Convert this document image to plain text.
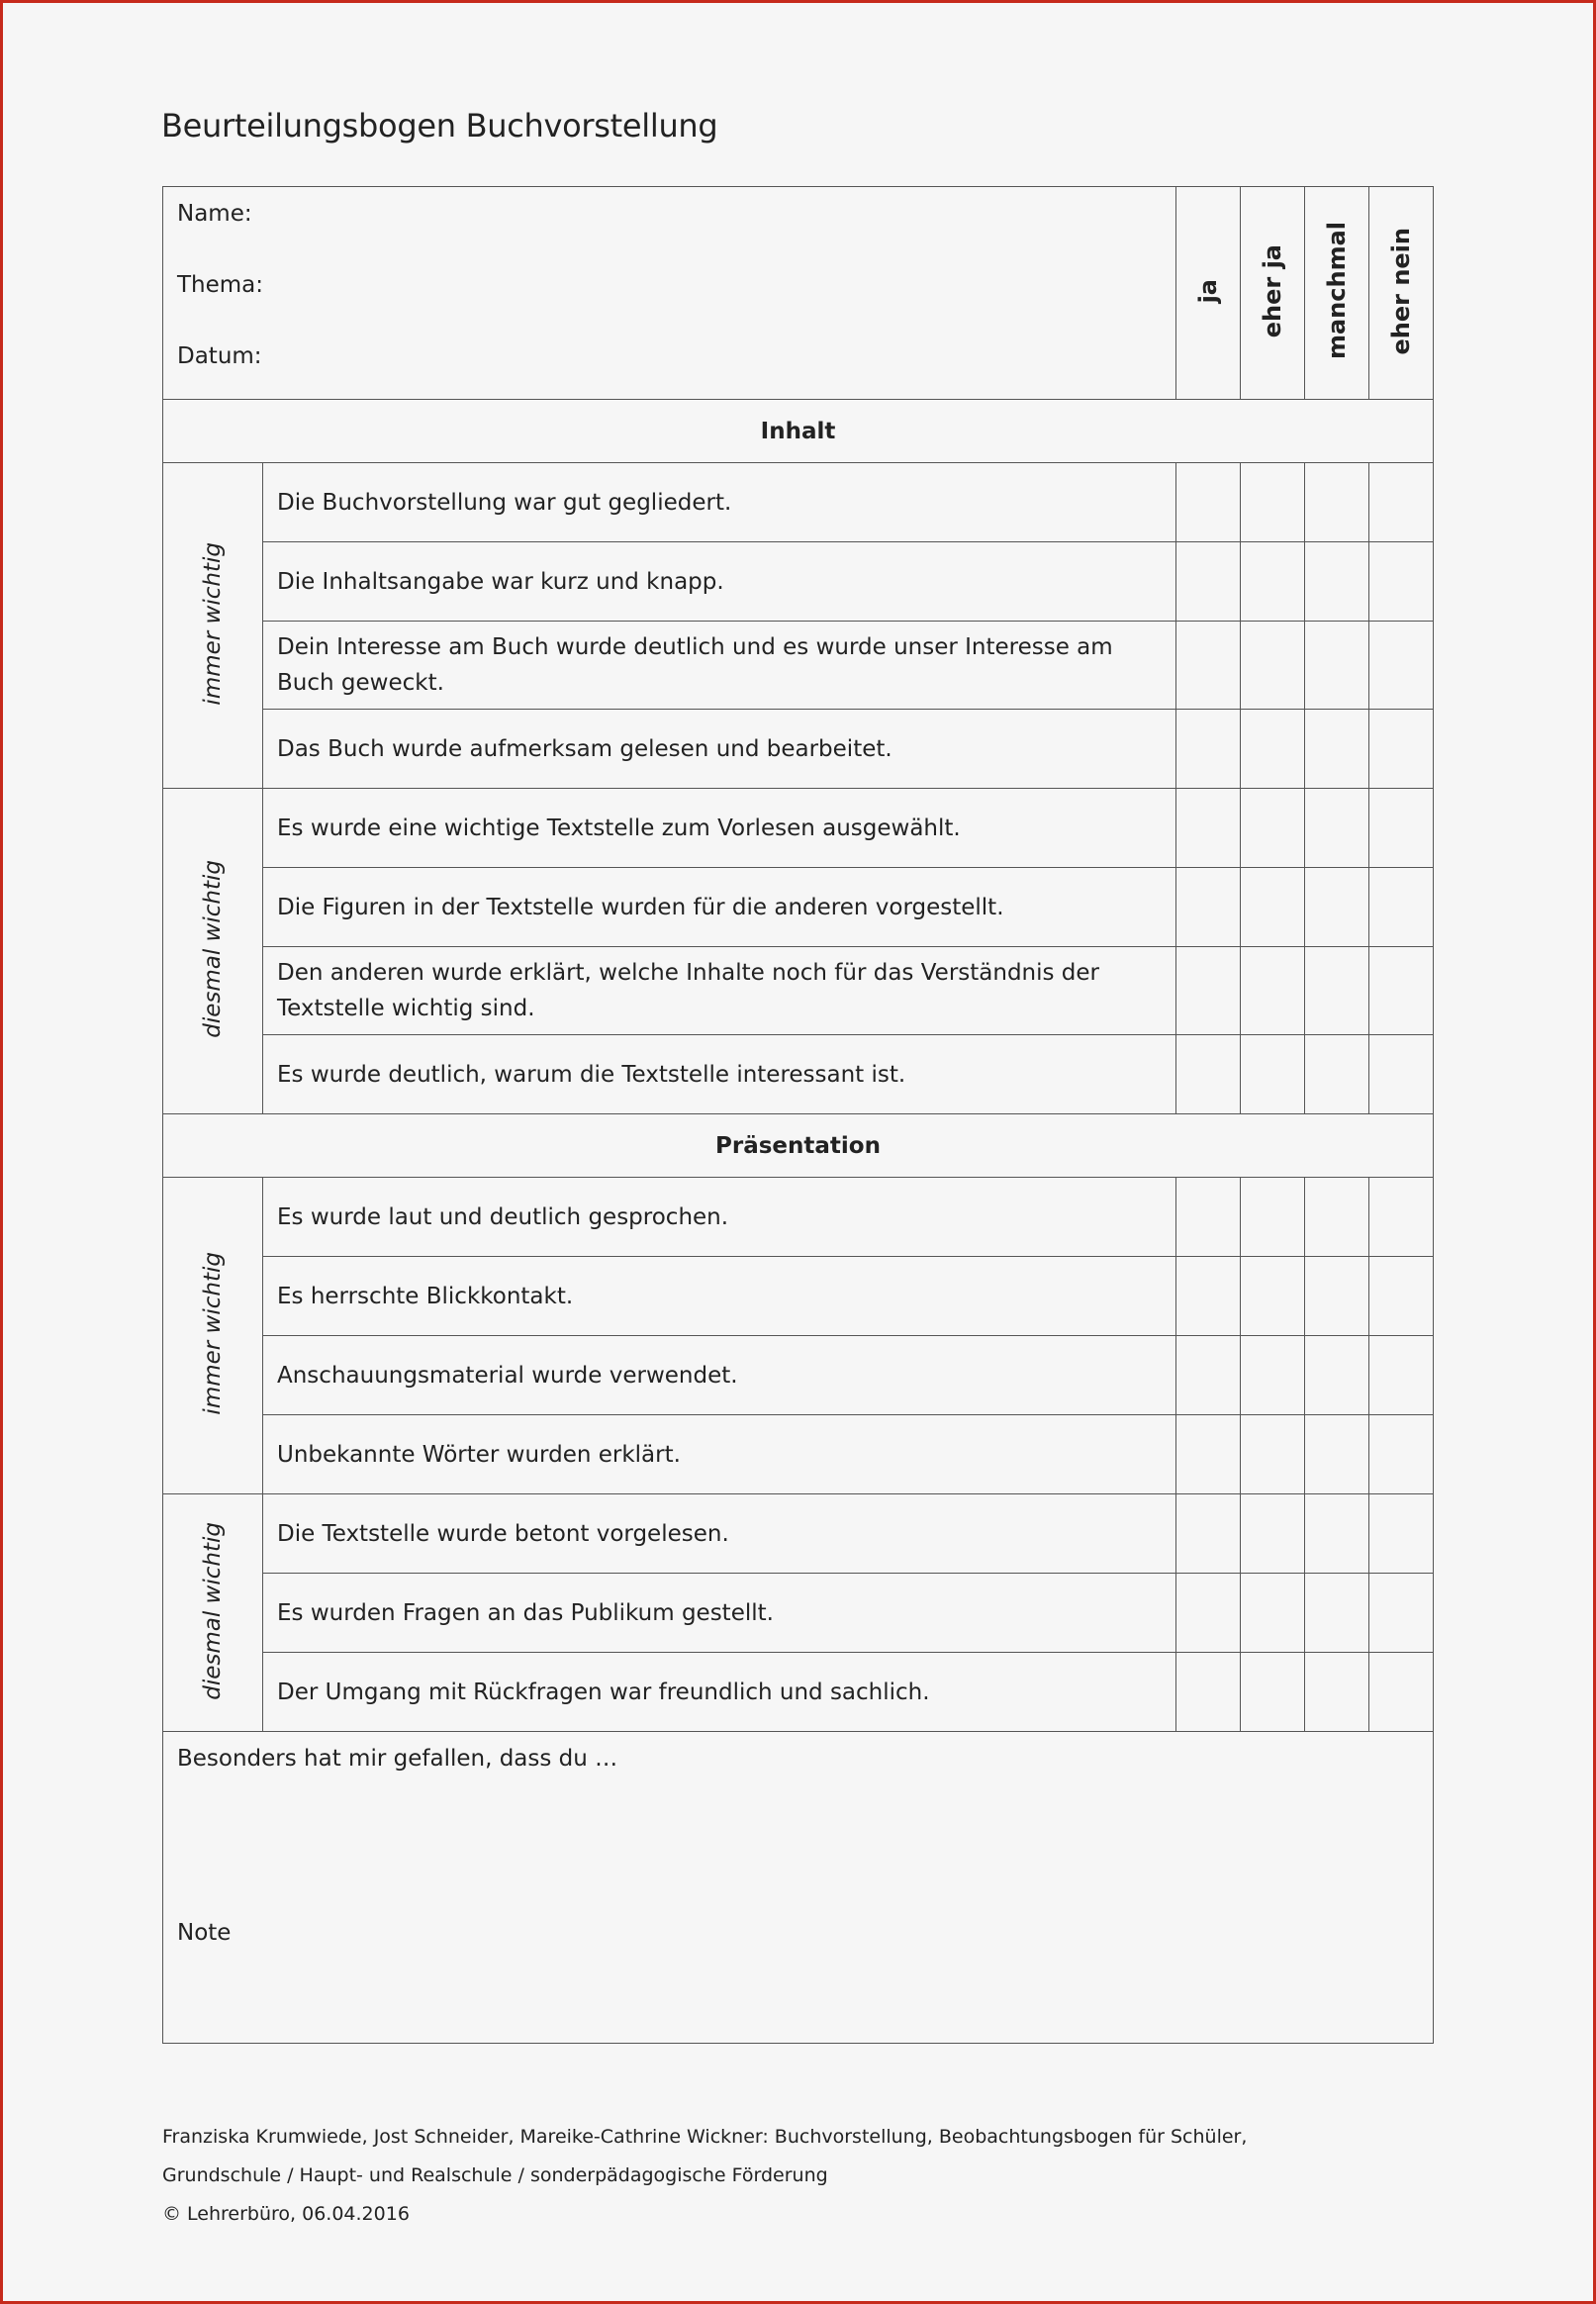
Beurteilungsbogen Buchvorstellung
Name:
Thema:
Datum:		ja	eher ja	manchmal	eher nein
Inhalt					
immer wichtig	Die Buchvorstellung war gut gegliedert.				
	Die Inhaltsangabe war kurz und knapp.				
	Dein Interesse am Buch wurde deutlich und es wurde unser Interesse am Buch geweckt.				
	Das Buch wurde aufmerksam gelesen und bearbeitet.				
diesmal wichtig	Es wurde eine wichtige Textstelle zum Vorlesen ausgewählt.				
	Die Figuren in der Textstelle wurden für die anderen vorgestellt.				
	Den anderen wurde erklärt, welche Inhalte noch für das Verständnis der Textstelle wichtig sind.				
	Es wurde deutlich, warum die Textstelle interessant ist.				
Präsentation					
immer wichtig	Es wurde laut und deutlich gesprochen.				
	Es herrschte Blickkontakt.				
	Anschauungsmaterial wurde verwendet.				
	Unbekannte Wörter wurden erklärt.				
diesmal wichtig	Die Textstelle wurde betont vorgelesen.				
	Es wurden Fragen an das Publikum gestellt.				
	Der Umgang mit Rückfragen war freundlich und sachlich.				

Besonders hat mir gefallen, dass du …
Note					
Franziska Krumwiede, Jost Schneider, Mareike-Cathrine Wickner: Buchvorstellung, Beobachtungsbogen für Schüler,
Grundschule / Haupt- und Realschule / sonderpädagogische Förderung
© Lehrerbüro, 06.04.2016
